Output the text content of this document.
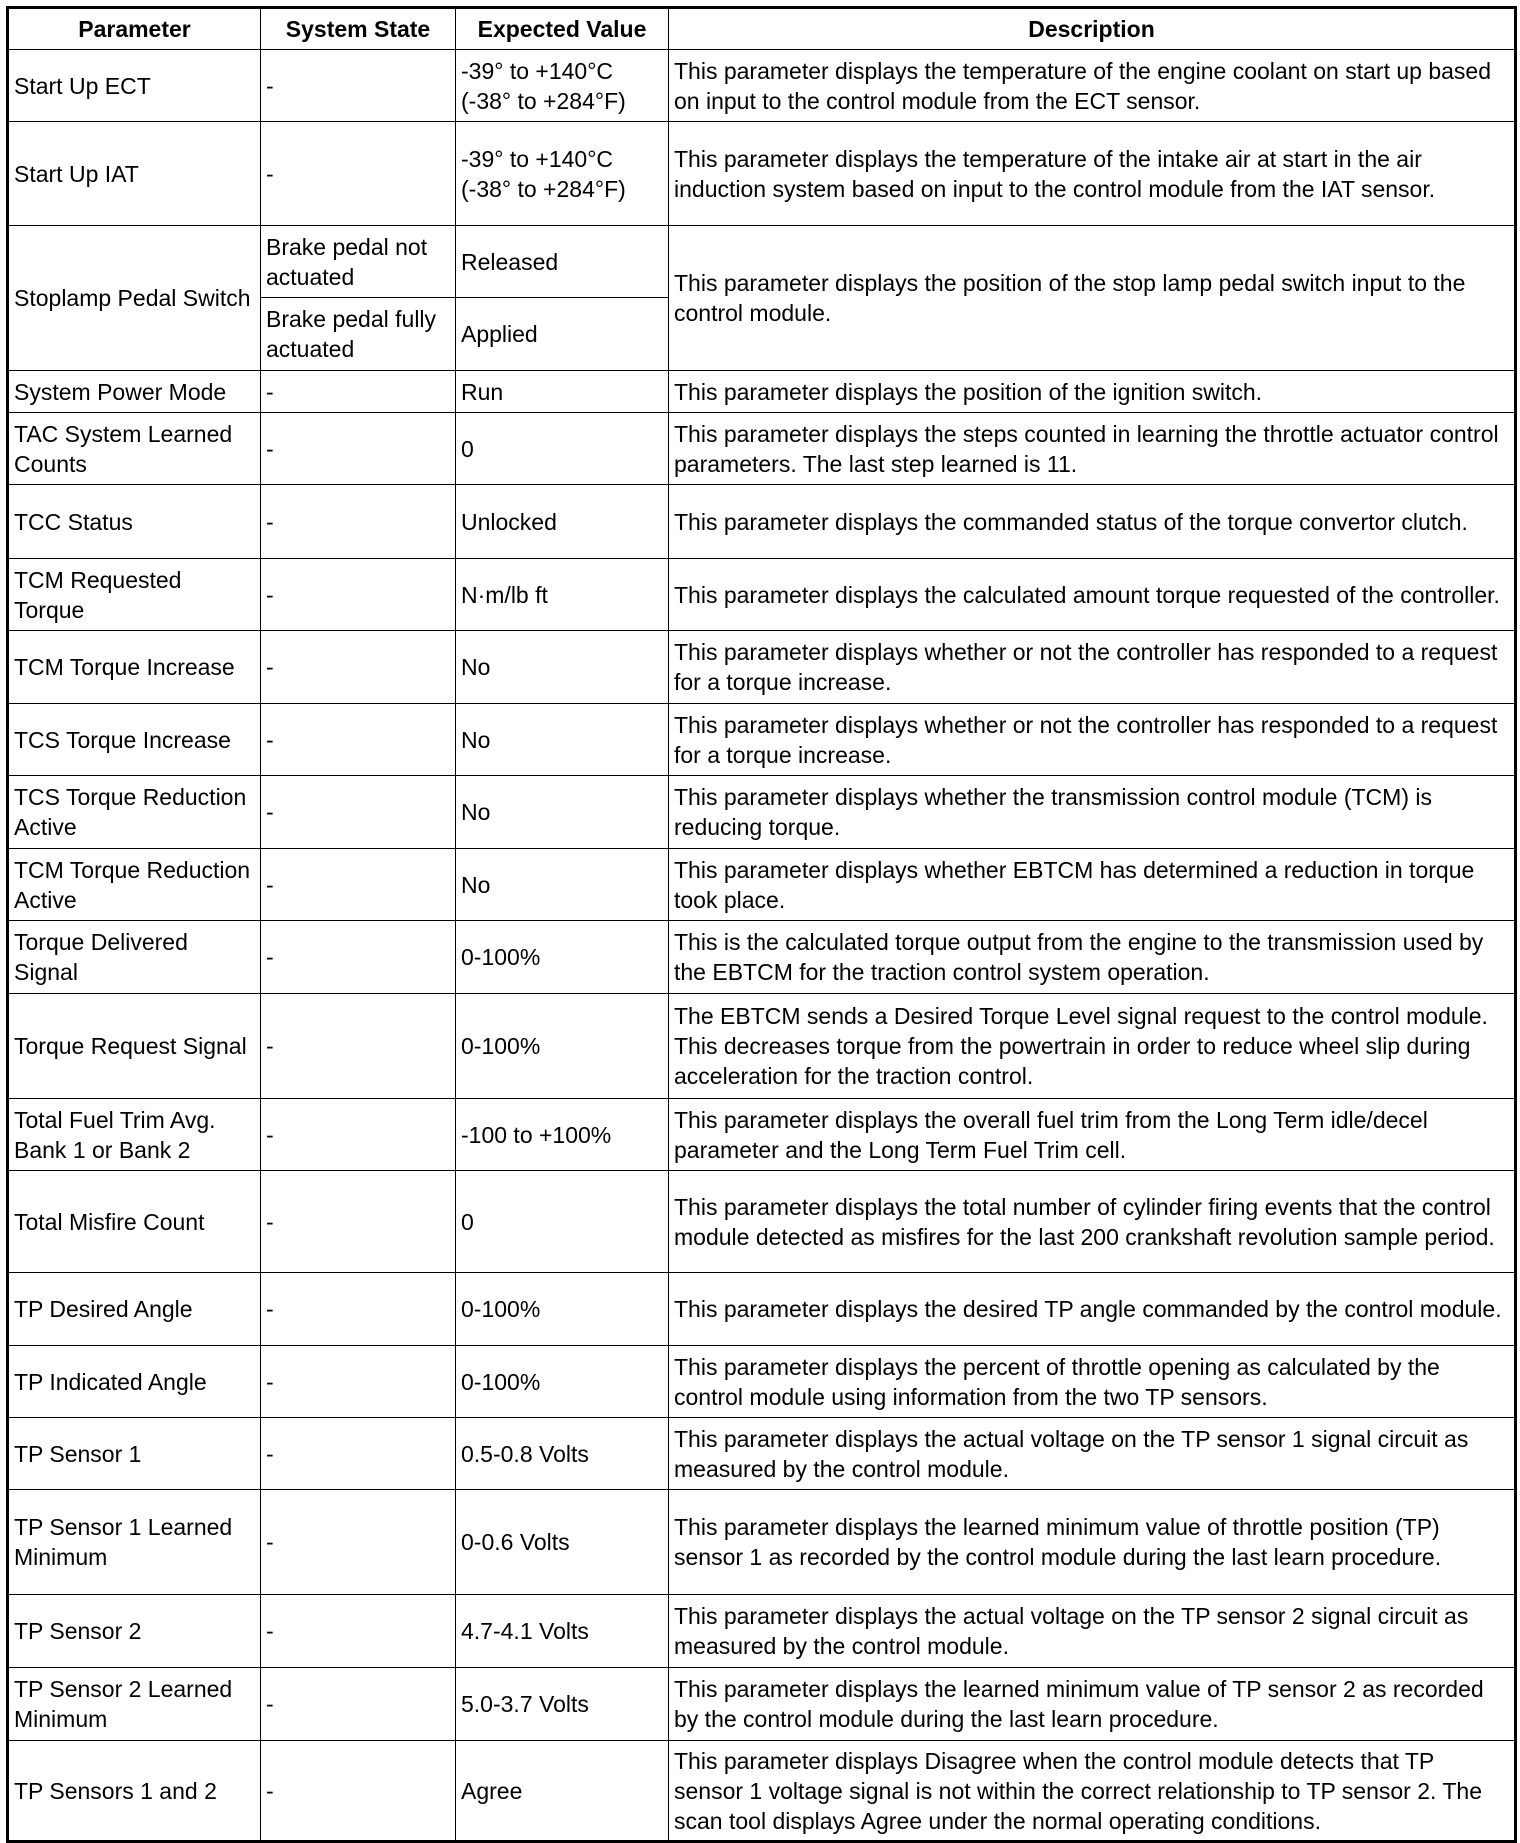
Parameter	System State	Expected Value	Description
Start Up ECT	-	-39° to +140°C (-38° to +284°F)	This parameter displays the temperature of the engine coolant on start up based on input to the control module from the ECT sensor.
Start Up IAT	-	-39° to +140°C (-38° to +284°F)	This parameter displays the temperature of the intake air at start in the air induction system based on input to the control module from the IAT sensor.
Stoplamp Pedal Switch	Brake pedal not actuated	Released	This parameter displays the position of the stop lamp pedal switch input to the control module.
	Brake pedal fully actuated	Applied	
System Power Mode	-	Run	This parameter displays the position of the ignition switch.
TAC System Learned Counts	-	0	This parameter displays the steps counted in learning the throttle actuator control parameters. The last step learned is 11.
TCC Status	-	Unlocked	This parameter displays the commanded status of the torque convertor clutch.
TCM Requested Torque	-	N·m/lb ft	This parameter displays the calculated amount torque requested of the controller.
TCM Torque Increase	-	No	This parameter displays whether or not the controller has responded to a request for a torque increase.
TCS Torque Increase	-	No	This parameter displays whether or not the controller has responded to a request for a torque increase.
TCS Torque Reduction Active	-	No	This parameter displays whether the transmission control module (TCM) is reducing torque.
TCM Torque Reduction Active	-	No	This parameter displays whether EBTCM has determined a reduction in torque took place.
Torque Delivered Signal	-	0-100%	This is the calculated torque output from the engine to the transmission used by the EBTCM for the traction control system operation.
Torque Request Signal	-	0-100%	The EBTCM sends a Desired Torque Level signal request to the control module. This decreases torque from the powertrain in order to reduce wheel slip during acceleration for the traction control.
Total Fuel Trim Avg. Bank 1 or Bank 2	-	-100 to +100%	This parameter displays the overall fuel trim from the Long Term idle/decel parameter and the Long Term Fuel Trim cell.
Total Misfire Count	-	0	This parameter displays the total number of cylinder firing events that the control module detected as misfires for the last 200 crankshaft revolution sample period.
TP Desired Angle	-	0-100%	This parameter displays the desired TP angle commanded by the control module.
TP Indicated Angle	-	0-100%	This parameter displays the percent of throttle opening as calculated by the control module using information from the two TP sensors.
TP Sensor 1	-	0.5-0.8 Volts	This parameter displays the actual voltage on the TP sensor 1 signal circuit as measured by the control module.
TP Sensor 1 Learned Minimum	-	0-0.6 Volts	This parameter displays the learned minimum value of throttle position (TP) sensor 1 as recorded by the control module during the last learn procedure.
TP Sensor 2	-	4.7-4.1 Volts	This parameter displays the actual voltage on the TP sensor 2 signal circuit as measured by the control module.
TP Sensor 2 Learned Minimum	-	5.0-3.7 Volts	This parameter displays the learned minimum value of TP sensor 2 as recorded by the control module during the last learn procedure.
TP Sensors 1 and 2	-	Agree	This parameter displays Disagree when the control module detects that TP sensor 1 voltage signal is not within the correct relationship to TP sensor 2. The scan tool displays Agree under the normal operating conditions.
